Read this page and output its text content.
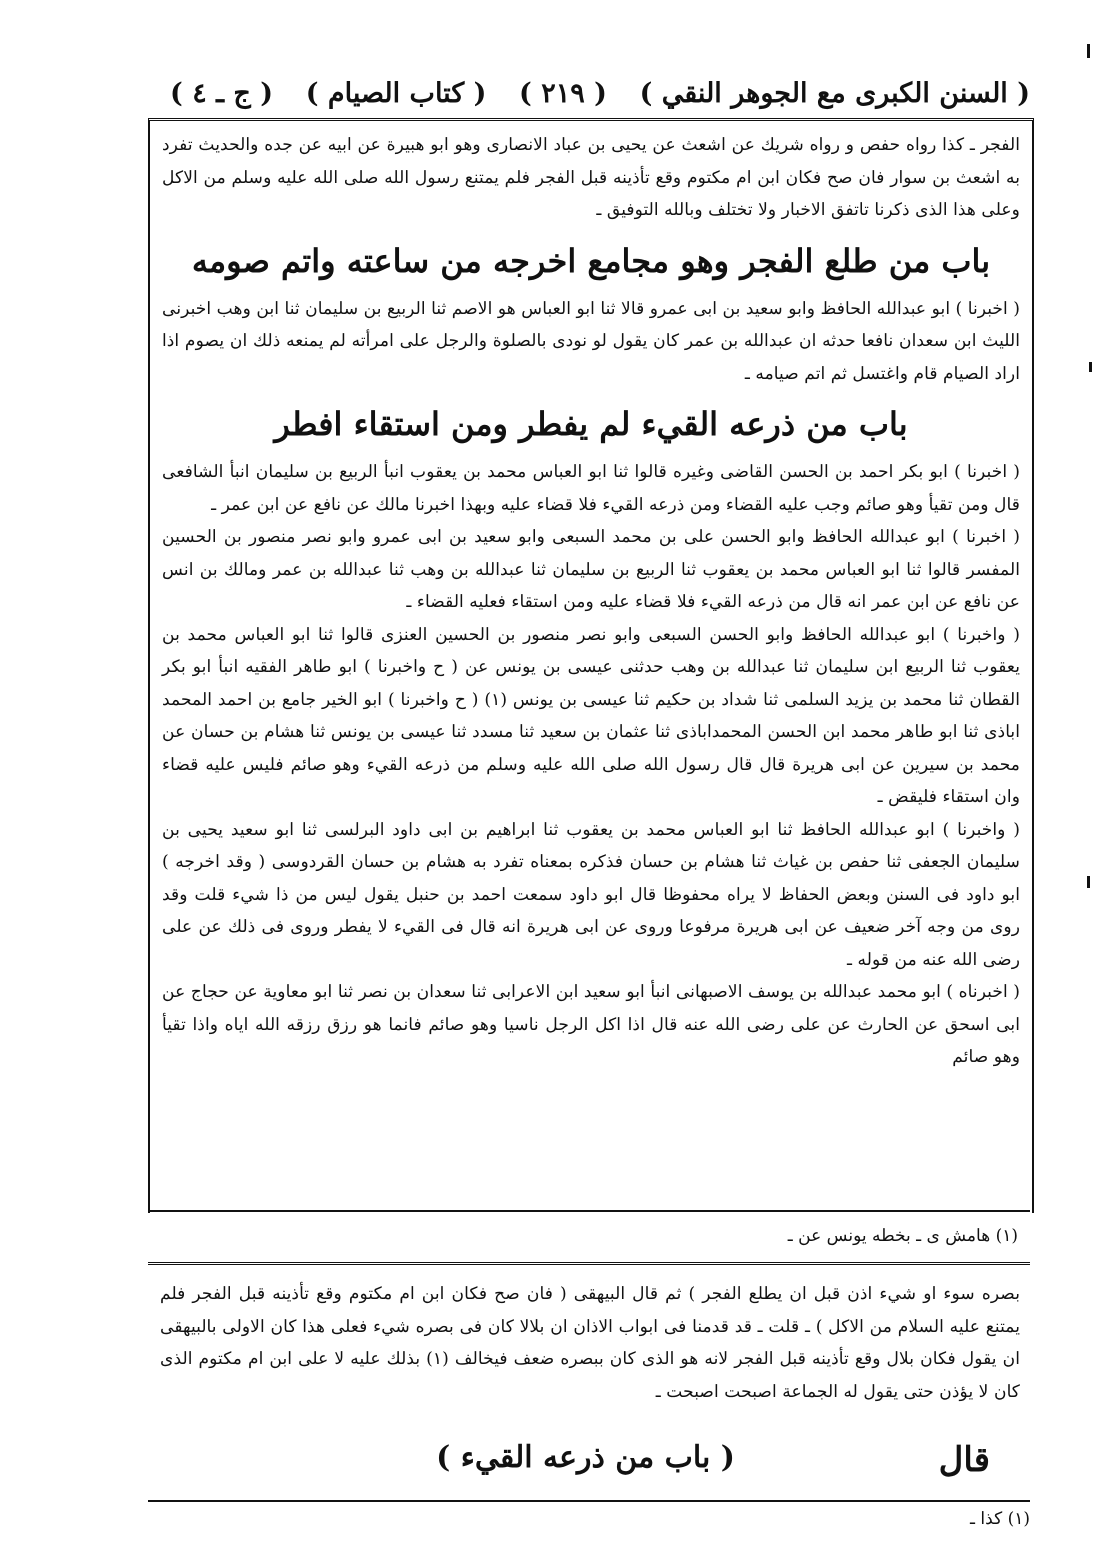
( السنن الكبرى مع الجوهر النقي )
( ٢١٩ )
( كتاب الصيام )
( ج ـ ٤ )

الفجر ـ كذا رواه حفص و رواه شريك عن اشعث عن يحيى بن عباد الانصارى وهو ابو هبيرة عن ابيه عن جده والحديث تفرد به اشعث بن سوار فان صح فكان ابن ام مكتوم وقع تأذينه قبل الفجر فلم يمتنع رسول الله صلى الله عليه وسلم من الاكل وعلى هذا الذى ذكرنا تاتفق الاخبار ولا تختلف وبالله التوفيق ـ

باب من طلع الفجر وهو مجامع اخرجه من ساعته واتم صومه

( اخبرنا ) ابو عبدالله الحافظ وابو سعيد بن ابى عمرو قالا ثنا ابو العباس هو الاصم ثنا الربيع بن سليمان ثنا ابن وهب اخبرنى الليث ابن سعدان نافعا حدثه ان عبدالله بن عمر كان يقول لو نودى بالصلوة والرجل على امرأته لم يمنعه ذلك ان يصوم اذا اراد الصيام قام واغتسل ثم اتم صيامه ـ

باب من ذرعه القيء لم يفطر ومن استقاء افطر

( اخبرنا ) ابو بكر احمد بن الحسن القاضى وغيره قالوا ثنا ابو العباس محمد بن يعقوب انبأ الربيع بن سليمان انبأ الشافعى قال ومن تقيأ وهو صائم وجب عليه القضاء ومن ذرعه القيء فلا قضاء عليه وبهذا اخبرنا مالك عن نافع عن ابن عمر ـ

( اخبرنا ) ابو عبدالله الحافظ وابو الحسن على بن محمد السبعى وابو سعيد بن ابى عمرو وابو نصر منصور بن الحسين المفسر قالوا ثنا ابو العباس محمد بن يعقوب ثنا الربيع بن سليمان ثنا عبدالله بن وهب ثنا عبدالله بن عمر ومالك بن انس عن نافع عن ابن عمر انه قال من ذرعه القيء فلا قضاء عليه ومن استقاء فعليه القضاء ـ

( واخبرنا ) ابو عبدالله الحافظ وابو الحسن السبعى وابو نصر منصور بن الحسين العنزى قالوا ثنا ابو العباس محمد بن يعقوب ثنا الربيع ابن سليمان ثنا عبدالله بن وهب حدثنى عيسى بن يونس عن ( ح واخبرنا ) ابو طاهر الفقيه انبأ ابو بكر القطان ثنا محمد بن يزيد السلمى ثنا شداد بن حكيم ثنا عيسى بن يونس (١) ( ح واخبرنا ) ابو الخير جامع بن احمد المحمد اباذى ثنا ابو طاهر محمد ابن الحسن المحمداباذى ثنا عثمان بن سعيد ثنا مسدد ثنا عيسى بن يونس ثنا هشام بن حسان عن محمد بن سيرين عن ابى هريرة قال قال رسول الله صلى الله عليه وسلم من ذرعه القيء وهو صائم فليس عليه قضاء وان استقاء فليقض ـ

( واخبرنا ) ابو عبدالله الحافظ ثنا ابو العباس محمد بن يعقوب ثنا ابراهيم بن ابى داود البرلسى ثنا ابو سعيد يحيى بن سليمان الجعفى ثنا حفص بن غياث ثنا هشام بن حسان فذكره بمعناه تفرد به هشام بن حسان القردوسى ( وقد اخرجه ) ابو داود فى السنن وبعض الحفاظ لا يراه محفوظا قال ابو داود سمعت احمد بن حنبل يقول ليس من ذا شيء قلت وقد روى من وجه آخر ضعيف عن ابى هريرة مرفوعا وروى عن ابى هريرة انه قال فى القيء لا يفطر وروى فى ذلك عن على رضى الله عنه من قوله ـ

( اخبرناه ) ابو محمد عبدالله بن يوسف الاصبهانى انبأ ابو سعيد ابن الاعرابى ثنا سعدان بن نصر ثنا ابو معاوية عن حجاج عن ابى اسحق عن الحارث عن على رضى الله عنه قال اذا اكل الرجل ناسيا وهو صائم فانما هو رزق رزقه الله اياه واذا تقيأ وهو صائم

(١) هامش ى ـ بخطه يونس عن ـ

بصره سوء او شيء اذن قبل ان يطلع الفجر ) ثم قال البيهقى ( فان صح فكان ابن ام مكتوم وقع تأذينه قبل الفجر فلم يمتنع عليه السلام من الاكل ) ـ قلت ـ قد قدمنا فى ابواب الاذان ان بلالا كان فى بصره شيء فعلى هذا كان الاولى بالبيهقى ان يقول فكان بلال وقع تأذينه قبل الفجر لانه هو الذى كان ببصره ضعف فيخالف (١) بذلك عليه لا على ابن ام مكتوم الذى كان لا يؤذن حتى يقول له الجماعة اصبحت اصبحت ـ

قال
( باب من ذرعه القيء )
(١) كذا ـ
